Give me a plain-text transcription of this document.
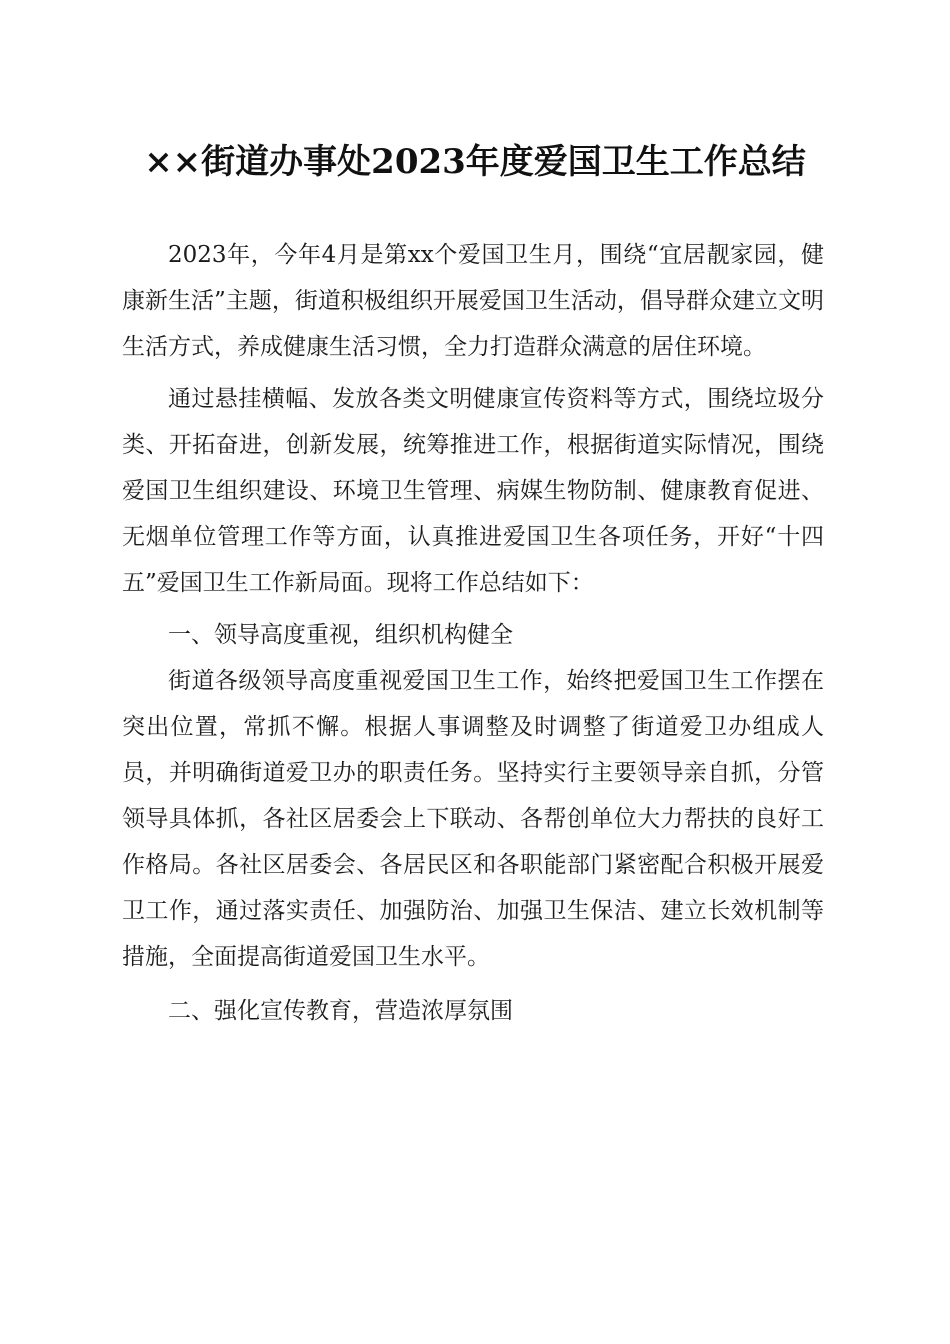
××街道办事处2023年度爱国卫生工作总结

2023年，今年4月是第xx个爱国卫生月，围绕“宜居靓家园，健康新生活”主题，街道积极组织开展爱国卫生活动，倡导群众建立文明生活方式，养成健康生活习惯，全力打造群众满意的居住环境。

通过悬挂横幅、发放各类文明健康宣传资料等方式，围绕垃圾分类、开拓奋进，创新发展，统筹推进工作，根据街道实际情况，围绕爱国卫生组织建设、环境卫生管理、病媒生物防制、健康教育促进、无烟单位管理工作等方面，认真推进爱国卫生各项任务，开好“十四五”爱国卫生工作新局面。现将工作总结如下：

一、领导高度重视，组织机构健全

街道各级领导高度重视爱国卫生工作，始终把爱国卫生工作摆在突出位置，常抓不懈。根据人事调整及时调整了街道爱卫办组成人员，并明确街道爱卫办的职责任务。坚持实行主要领导亲自抓，分管领导具体抓，各社区居委会上下联动、各帮创单位大力帮扶的良好工作格局。各社区居委会、各居民区和各职能部门紧密配合积极开展爱卫工作，通过落实责任、加强防治、加强卫生保洁、建立长效机制等措施，全面提高街道爱国卫生水平。

二、强化宣传教育，营造浓厚氛围
